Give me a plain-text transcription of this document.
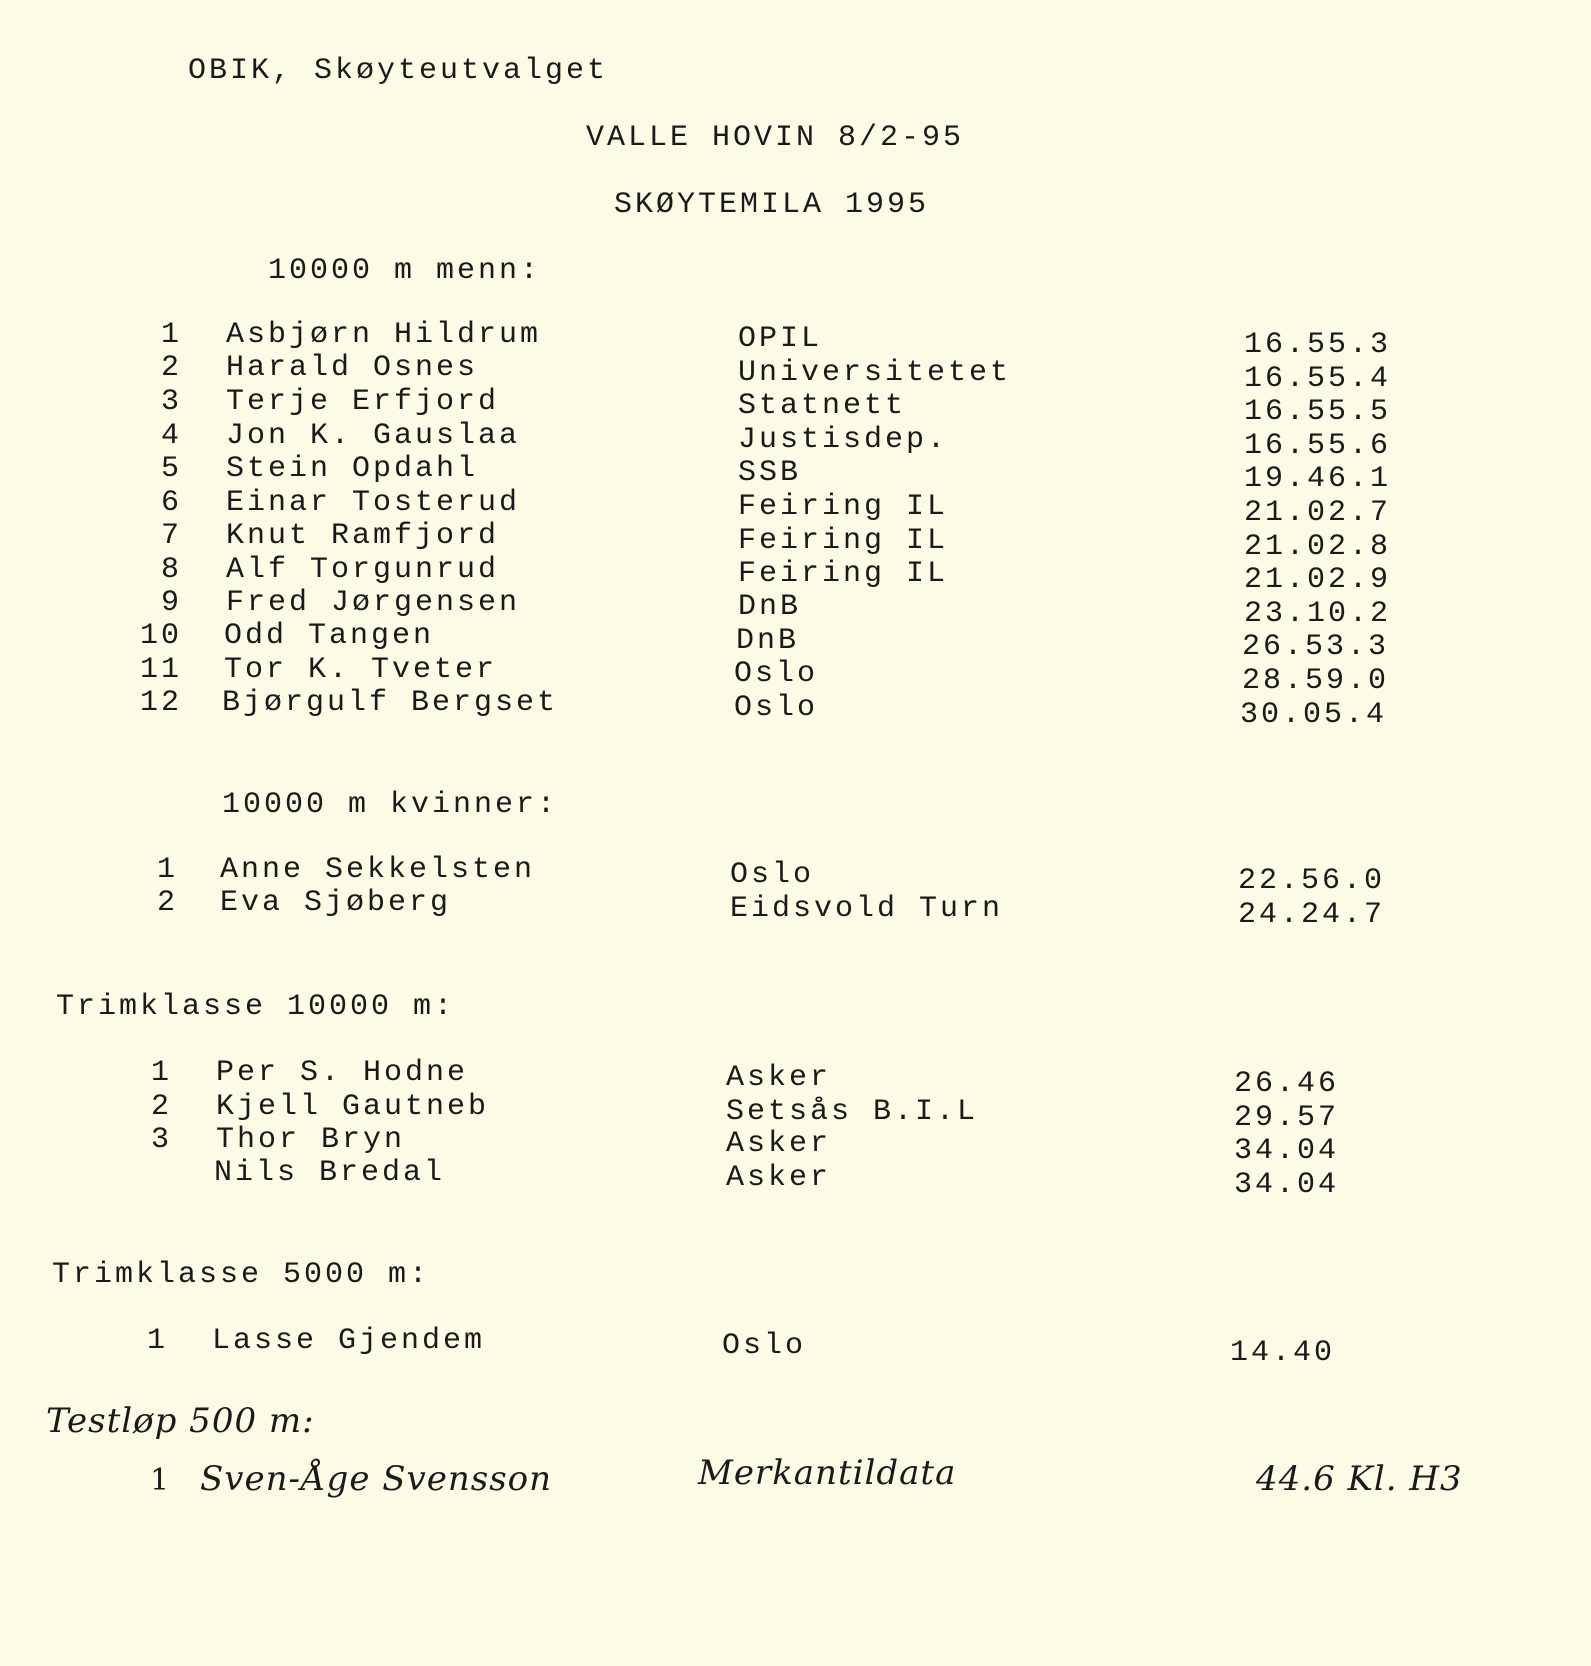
OBIK, Skøyteutvalget
VALLE HOVIN 8/2-95
SKØYTEMILA 1995
10000 m menn:
1 Asbjørn Hildrum	OPIL	16.55.3
2 Harald Osnes	Universitetet	16.55.4
3 Terje Erfjord	Statnett	16.55.5
4 Jon K. Gauslaa	Justisdep.	16.55.6
5 Stein Opdahl	SSB	19.46.1
6 Einar Tosterud	Feiring IL	21.02.7
7 Knut Ramfjord	Feiring IL	21.02.8
8 Alf Torgunrud	Feiring IL	21.02.9
9 Fred Jørgensen	DnB	23.10.2
10 Odd Tangen	DnB	26.53.3
11 Tor K. Tveter	Oslo	28.59.0
12 Bjørgulf Bergset	Oslo	30.05.4
10000 m kvinner:
1 Anne Sekkelsten	Oslo	22.56.0
2 Eva Sjøberg	Eidsvold Turn	24.24.7
Trimklasse 10000 m:
1 Per S. Hodne	Asker	26.46
2 Kjell Gautneb	Setsås B.I.L	29.57
3 Thor Bryn	Asker	34.04
Nils Bredal	Asker	34.04
Trimklasse 5000 m:
1 Lasse Gjendem	Oslo	14.40
Testløp 500 m:
1 Sven-Åge Svensson	Merkantildata	44.6 Kl. H3
